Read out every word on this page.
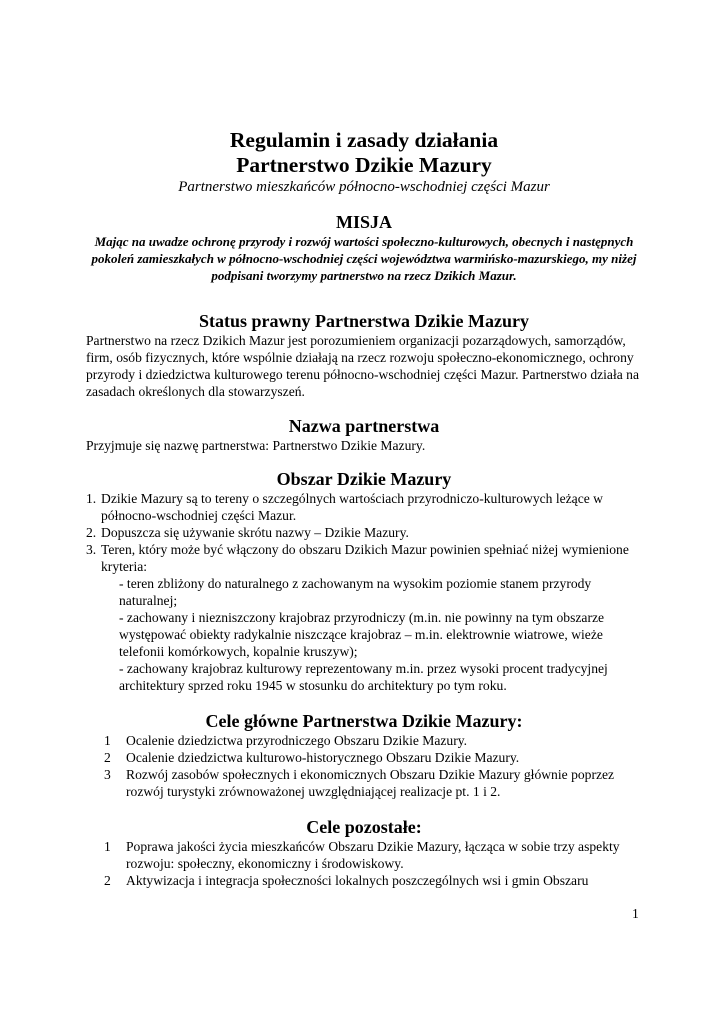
Regulamin i zasady działania
Partnerstwo Dzikie Mazury

Partnerstwo mieszkańców północno-wschodniej części Mazur

MISJA

Mając na uwadze ochronę przyrody i rozwój wartości społeczno-kulturowych, obecnych i następnych pokoleń zamieszkałych w północno-wschodniej części województwa warmińsko-mazurskiego, my niżej podpisani tworzymy partnerstwo na rzecz Dzikich Mazur.

Status prawny Partnerstwa Dzikie Mazury

Partnerstwo na rzecz Dzikich Mazur jest porozumieniem organizacji pozarządowych, samorządów, firm, osób fizycznych, które wspólnie działają na rzecz rozwoju społeczno-ekonomicznego, ochrony przyrody i dziedzictwa kulturowego terenu północno-wschodniej części Mazur. Partnerstwo działa na zasadach określonych dla stowarzyszeń.

Nazwa partnerstwa

Przyjmuje się nazwę partnerstwa: Partnerstwo Dzikie Mazury.

Obszar Dzikie Mazury
1. Dzikie Mazury są to tereny o szczególnych wartościach przyrodniczo-kulturowych leżące w północno-wschodniej części Mazur.
2. Dopuszcza się używanie skrótu nazwy – Dzikie Mazury.
3. Teren, który może być włączony do obszaru Dzikich Mazur powinien spełniać niżej wymienione kryteria:
- teren zbliżony do naturalnego z zachowanym na wysokim poziomie stanem przyrody naturalnej;
- zachowany i niezniszczony krajobraz przyrodniczy (m.in. nie powinny na tym obszarze występować obiekty radykalnie niszczące krajobraz – m.in. elektrownie wiatrowe, wieże telefonii komórkowych, kopalnie kruszyw);
- zachowany krajobraz kulturowy reprezentowany m.in. przez wysoki procent tradycyjnej architektury sprzed roku 1945 w stosunku do architektury po tym roku.
Cele główne Partnerstwa Dzikie Mazury:
1 Ocalenie dziedzictwa przyrodniczego Obszaru Dzikie Mazury.
2 Ocalenie dziedzictwa kulturowo-historycznego Obszaru Dzikie Mazury.
3 Rozwój zasobów społecznych i ekonomicznych Obszaru Dzikie Mazury głównie poprzez rozwój turystyki zrównoważonej uwzględniającej realizacje pt. 1 i 2.
Cele pozostałe:
1 Poprawa jakości życia mieszkańców Obszaru Dzikie Mazury, łącząca w sobie trzy aspekty rozwoju: społeczny, ekonomiczny i środowiskowy.
2 Aktywizacja i integracja społeczności lokalnych poszczególnych wsi i gmin Obszaru
1
